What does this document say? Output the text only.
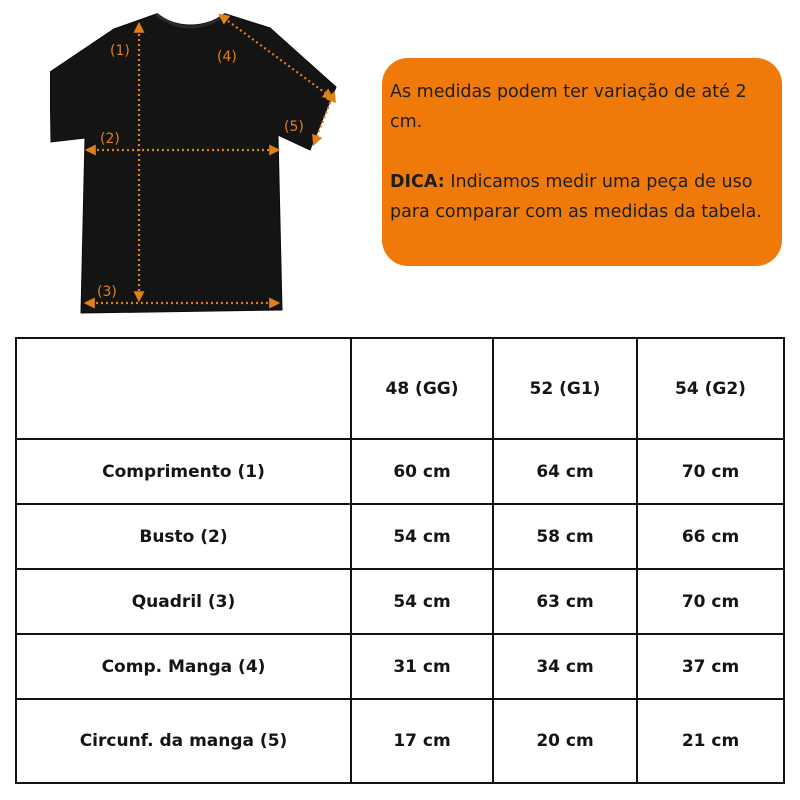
(1)
(2)
(3)
(4)
(5)

As medidas podem ter variação de até 2 cm.

DICA: Indicamos medir uma peça de uso para comparar com as medidas da tabela.

	48 (GG)	52 (G1)	54 (G2)
Comprimento (1)	60 cm	64 cm	70 cm
Busto (2)	54 cm	58 cm	66 cm
Quadril (3)	54 cm	63 cm	70 cm
Comp. Manga (4)	31 cm	34 cm	37 cm
Circunf. da manga (5)	17 cm	20 cm	21 cm
